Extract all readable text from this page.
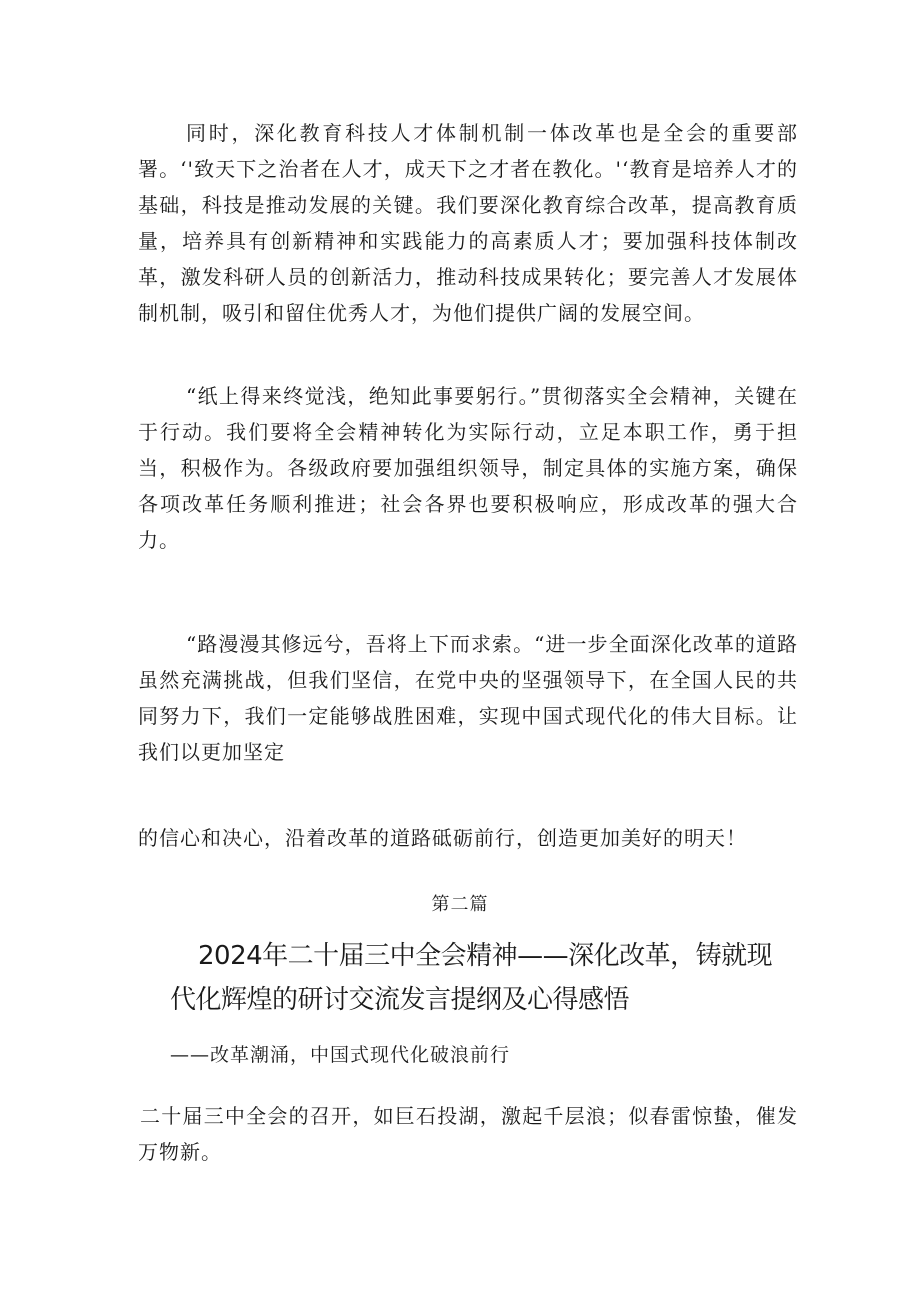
同时，深化教育科技人才体制机制一体改革也是全会的重要部署。‘'致天下之治者在人才，成天下之才者在教化。'‘教育是培养人才的基础，科技是推动发展的关键。我们要深化教育综合改革，提高教育质量，培养具有创新精神和实践能力的高素质人才；要加强科技体制改革，激发科研人员的创新活力，推动科技成果转化；要完善人才发展体制机制，吸引和留住优秀人才，为他们提供广阔的发展空间。

“纸上得来终觉浅，绝知此事要躬行。”贯彻落实全会精神，关键在于行动。我们要将全会精神转化为实际行动，立足本职工作，勇于担当，积极作为。各级政府要加强组织领导，制定具体的实施方案，确保各项改革任务顺利推进；社会各界也要积极响应，形成改革的强大合力。

“路漫漫其修远兮，吾将上下而求索。“进一步全面深化改革的道路虽然充满挑战，但我们坚信，在党中央的坚强领导下，在全国人民的共同努力下，我们一定能够战胜困难，实现中国式现代化的伟大目标。让我们以更加坚定

的信心和决心，沿着改革的道路砥砺前行，创造更加美好的明天！

第二篇
2024年二十届三中全会精神——深化改革，铸就现
代化辉煌的研讨交流发言提纲及心得感悟
——改革潮涌，中国式现代化破浪前行

二十届三中全会的召开，如巨石投湖，激起千层浪；似春雷惊蛰，催发万物新。
